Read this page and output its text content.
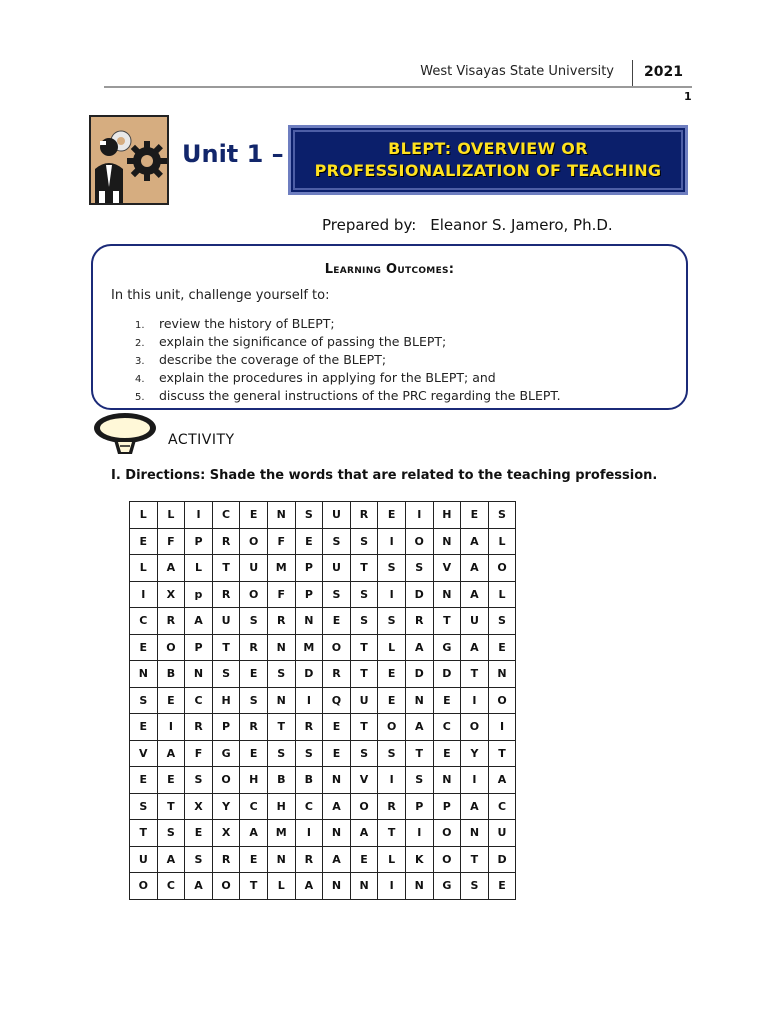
West Visayas State University 2021
1
Unit 1 –	BLEPT: OVERVIEW OR
PROFESSIONALIZATION OF TEACHING
Prepared by: Eleanor S. Jamero, Ph.D.
Learning Outcomes:
In this unit, challenge yourself to:
1. review the history of BLEPT;
2. explain the significance of passing the BLEPT;
3. describe the coverage of the BLEPT;
4. explain the procedures in applying for the BLEPT; and
5. discuss the general instructions of the PRC regarding the BLEPT.
ACTIVITY
I. Directions: Shade the words that are related to the teaching profession.
L	L	I	C	E	N	S	U	R	E	I	H	E	S
E	F	P	R	O	F	E	S	S	I	O	N	A	L
L	A	L	T	U	M	P	U	T	S	S	V	A	O
I	X	p	R	O	F	P	S	S	I	D	N	A	L
C	R	A	U	S	R	N	E	S	S	R	T	U	S
E	O	P	T	R	N	M	O	T	L	A	G	A	E
N	B	N	S	E	S	D	R	T	E	D	D	T	N
S	E	C	H	S	N	I	Q	U	E	N	E	I	O
E	I	R	P	R	T	R	E	T	O	A	C	O	I
V	A	F	G	E	S	S	E	S	S	T	E	Y	T
E	E	S	O	H	B	B	N	V	I	S	N	I	A
S	T	X	Y	C	H	C	A	O	R	P	P	A	C
T	S	E	X	A	M	I	N	A	T	I	O	N	U
U	A	S	R	E	N	R	A	E	L	K	O	T	D
O	C	A	O	T	L	A	N	N	I	N	G	S	E
